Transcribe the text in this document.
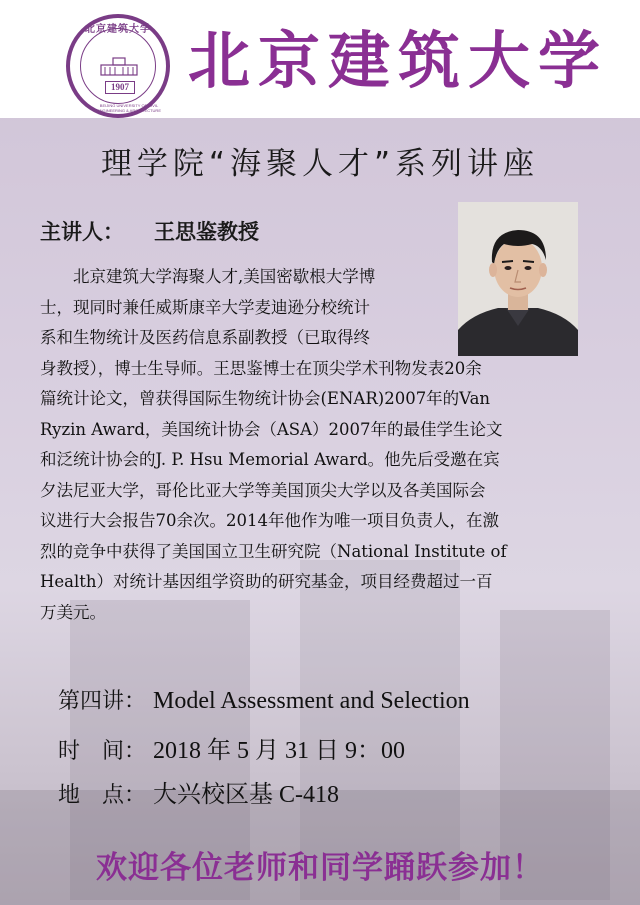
北京建筑大学
1907
BEIJING UNIVERSITY OF CIVIL ENGINEERING & ARCHITECTURE
北京建筑大学
理学院“海聚人才”系列讲座
主讲人： 王思鉴教授
　　北京建筑大学海聚人才,美国密歇根大学博
士，现同时兼任威斯康辛大学麦迪逊分校统计
系和生物统计及医药信息系副教授（已取得终
身教授），博士生导师。王思鉴博士在顶尖学术刊物发表20余
篇统计论文，曾获得国际生物统计协会(ENAR)2007年的Van
Ryzin Award，美国统计协会（ASA）2007年的最佳学生论文
和泛统计协会的J. P. Hsu Memorial Award。他先后受邀在宾
夕法尼亚大学，哥伦比亚大学等美国顶尖大学以及各美国际会
议进行大会报告70余次。2014年他作为唯一项目负责人，在激
烈的竞争中获得了美国国立卫生研究院（National Institute of
Health）对统计基因组学资助的研究基金，项目经费超过一百
万美元。
第四讲： Model Assessment and Selection
时　间： 2018 年 5 月 31 日 9：00
地　点： 大兴校区基 C-418
欢迎各位老师和同学踊跃参加！
